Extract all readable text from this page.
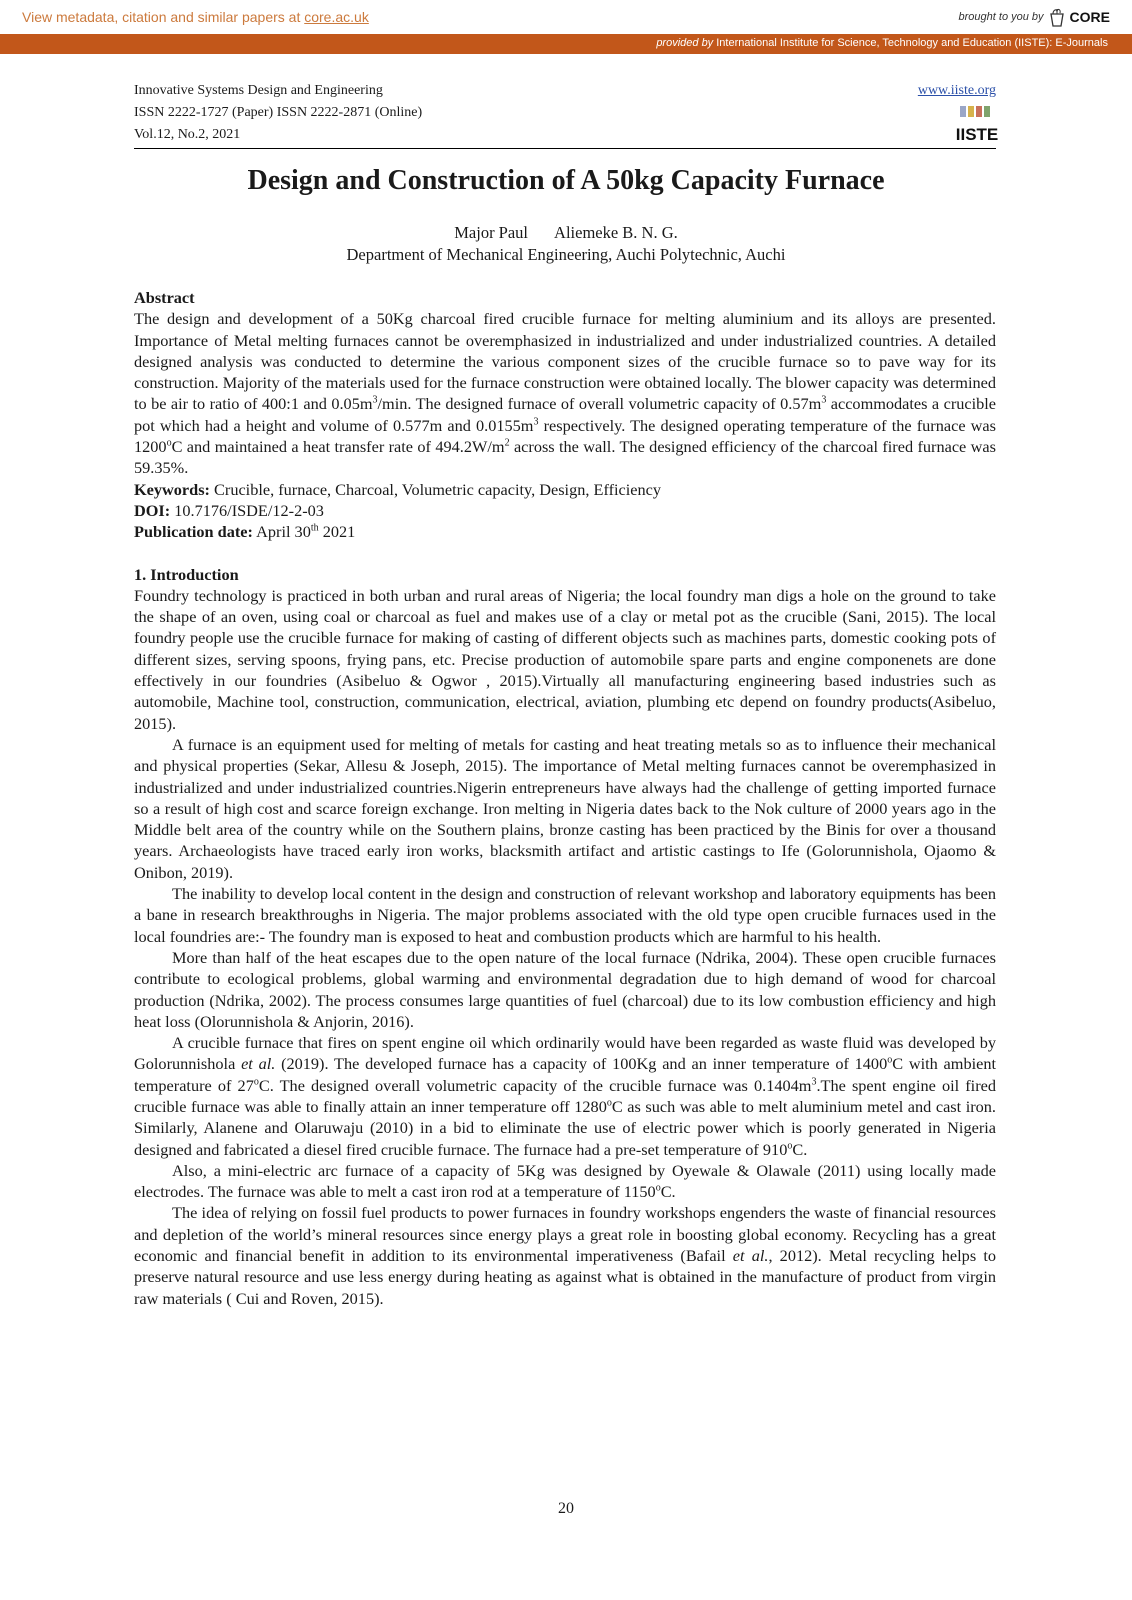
View metadata, citation and similar papers at core.ac.uk	brought to you by CORE
provided by International Institute for Science, Technology and Education (IISTE): E-Journals
Innovative Systems Design and Engineering
ISSN 2222-1727 (Paper) ISSN 2222-2871 (Online)
Vol.12, No.2, 2021
www.iiste.org
IISTE
Design and Construction of A 50kg Capacity Furnace
Major Paul Aliemeke B. N. G.
Department of Mechanical Engineering, Auchi Polytechnic, Auchi

Abstract

The design and development of a 50Kg charcoal fired crucible furnace for melting aluminium and its alloys are presented. Importance of Metal melting furnaces cannot be overemphasized in industrialized and under industrialized countries. A detailed designed analysis was conducted to determine the various component sizes of the crucible furnace so to pave way for its construction. Majority of the materials used for the furnace construction were obtained locally. The blower capacity was determined to be air to ratio of 400:1 and $0.05m^3/\min$. The designed furnace of overall volumetric capacity of $0.57m^3$ accommodates a crucible pot which had a height and volume of 0.577m and $0.0155m^3$ respectively. The designed operating temperature of the furnace was 1200$^o$C and maintained a heat transfer rate of $494.2W/m^2$ across the wall. The designed efficiency of the charcoal fired furnace was 59.35%.

Keywords: Crucible, furnace, Charcoal, Volumetric capacity, Design, Efficiency

DOI: 10.7176/ISDE/12-2-03

Publication date: April 30th 2021

1. Introduction

Foundry technology is practiced in both urban and rural areas of Nigeria; the local foundry man digs a hole on the ground to take the shape of an oven, using coal or charcoal as fuel and makes use of a clay or metal pot as the crucible (Sani, 2015). The local foundry people use the crucible furnace for making of casting of different objects such as machines parts, domestic cooking pots of different sizes, serving spoons, frying pans, etc. Precise production of automobile spare parts and engine componenets are done effectively in our foundries (Asibeluo & Ogwor , 2015).Virtually all manufacturing engineering based industries such as automobile, Machine tool, construction, communication, electrical, aviation, plumbing etc depend on foundry products(Asibeluo, 2015).

A furnace is an equipment used for melting of metals for casting and heat treating metals so as to influence their mechanical and physical properties (Sekar, Allesu & Joseph, 2015). The importance of Metal melting furnaces cannot be overemphasized in industrialized and under industrialized countries.Nigerin entrepreneurs have always had the challenge of getting imported furnace so a result of high cost and scarce foreign exchange. Iron melting in Nigeria dates back to the Nok culture of 2000 years ago in the Middle belt area of the country while on the Southern plains, bronze casting has been practiced by the Binis for over a thousand years. Archaeologists have traced early iron works, blacksmith artifact and artistic castings to Ife (Golorunnishola, Ojaomo & Onibon, 2019).

The inability to develop local content in the design and construction of relevant workshop and laboratory equipments has been a bane in research breakthroughs in Nigeria. The major problems associated with the old type open crucible furnaces used in the local foundries are:- The foundry man is exposed to heat and combustion products which are harmful to his health.

More than half of the heat escapes due to the open nature of the local furnace (Ndrika, 2004). These open crucible furnaces contribute to ecological problems, global warming and environmental degradation due to high demand of wood for charcoal production (Ndrika, 2002). The process consumes large quantities of fuel (charcoal) due to its low combustion efficiency and high heat loss (Olorunnishola & Anjorin, 2016).

A crucible furnace that fires on spent engine oil which ordinarily would have been regarded as waste fluid was developed by Golorunnishola et al. (2019). The developed furnace has a capacity of 100Kg and an inner temperature of 1400$^o$C with ambient temperature of 27$^o$C. The designed overall volumetric capacity of the crucible furnace was $0.1404m^3.The$ spent engine oil fired crucible furnace was able to finally attain an inner temperature off 1280$^o$C as such was able to melt aluminium metel and cast iron. Similarly, Alanene and Olaruwaju (2010) in a bid to eliminate the use of electric power which is poorly generated in Nigeria designed and fabricated a diesel fired crucible furnace. The furnace had a pre-set temperature of 910$^o$C.

Also, a mini-electric arc furnace of a capacity of 5Kg was designed by Oyewale & Olawale (2011) using locally made electrodes. The furnace was able to melt a cast iron rod at a temperature of 1150$^o$C.

The idea of relying on fossil fuel products to power furnaces in foundry workshops engenders the waste of financial resources and depletion of the world’s mineral resources since energy plays a great role in boosting global economy. Recycling has a great economic and financial benefit in addition to its environmental imperativeness (Bafail et al., 2012). Metal recycling helps to preserve natural resource and use less energy during heating as against what is obtained in the manufacture of product from virgin raw materials ( Cui and Roven, 2015).

20
